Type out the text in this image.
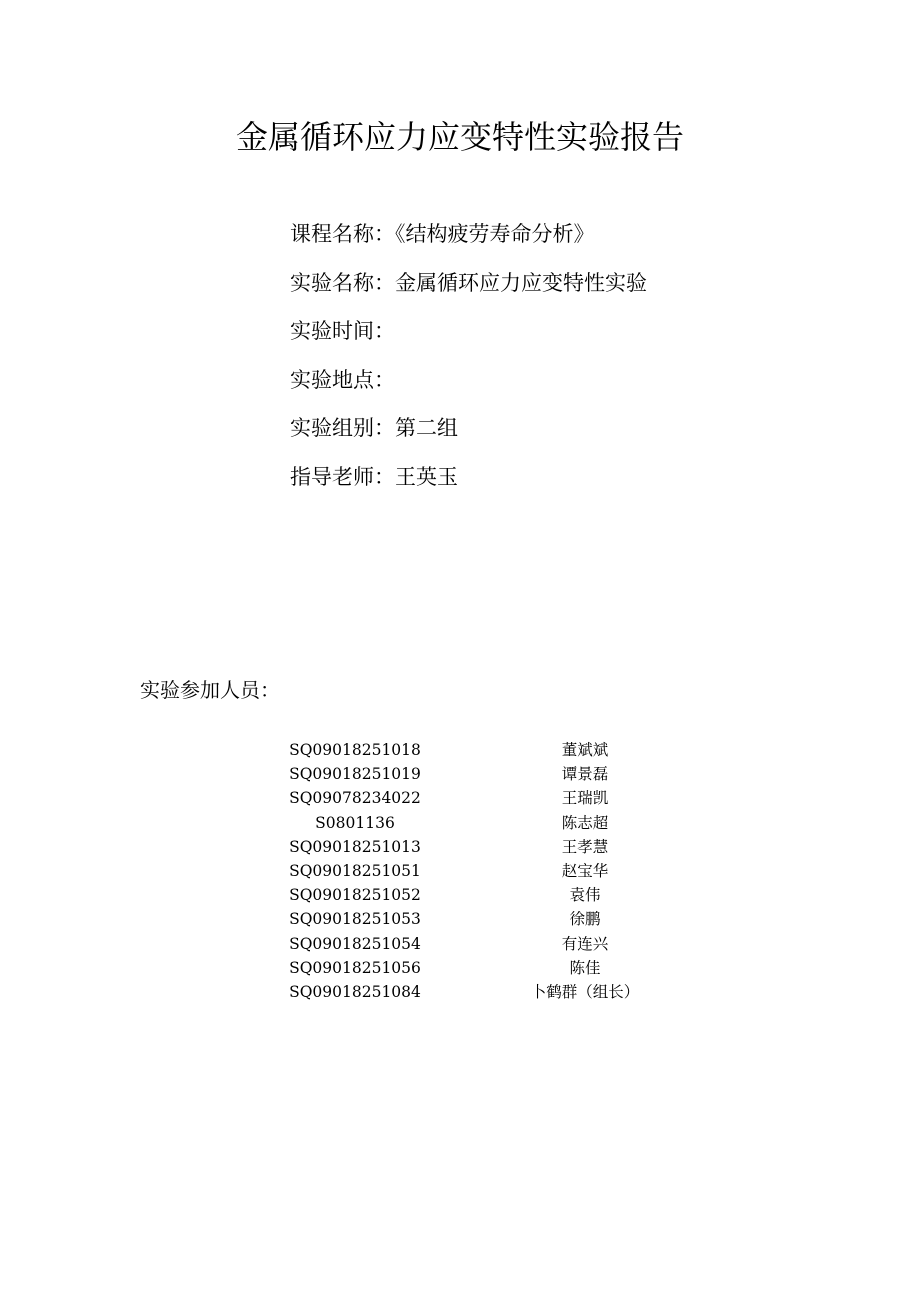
金属循环应力应变特性实验报告
课程名称：《结构疲劳寿命分析》
实验名称：金属循环应力应变特性实验
实验时间：
实验地点：
实验组别：第二组
指导老师：王英玉
实验参加人员：
SQ09018251018	董斌斌
SQ09018251019	谭景磊
SQ09078234022	王瑞凯
S0801136	陈志超
SQ09018251013	王孝慧
SQ09018251051	赵宝华
SQ09018251052	袁伟
SQ09018251053	徐鹏
SQ09018251054	有连兴
SQ09018251056	陈佳
SQ09018251084	卜鹤群（组长）
